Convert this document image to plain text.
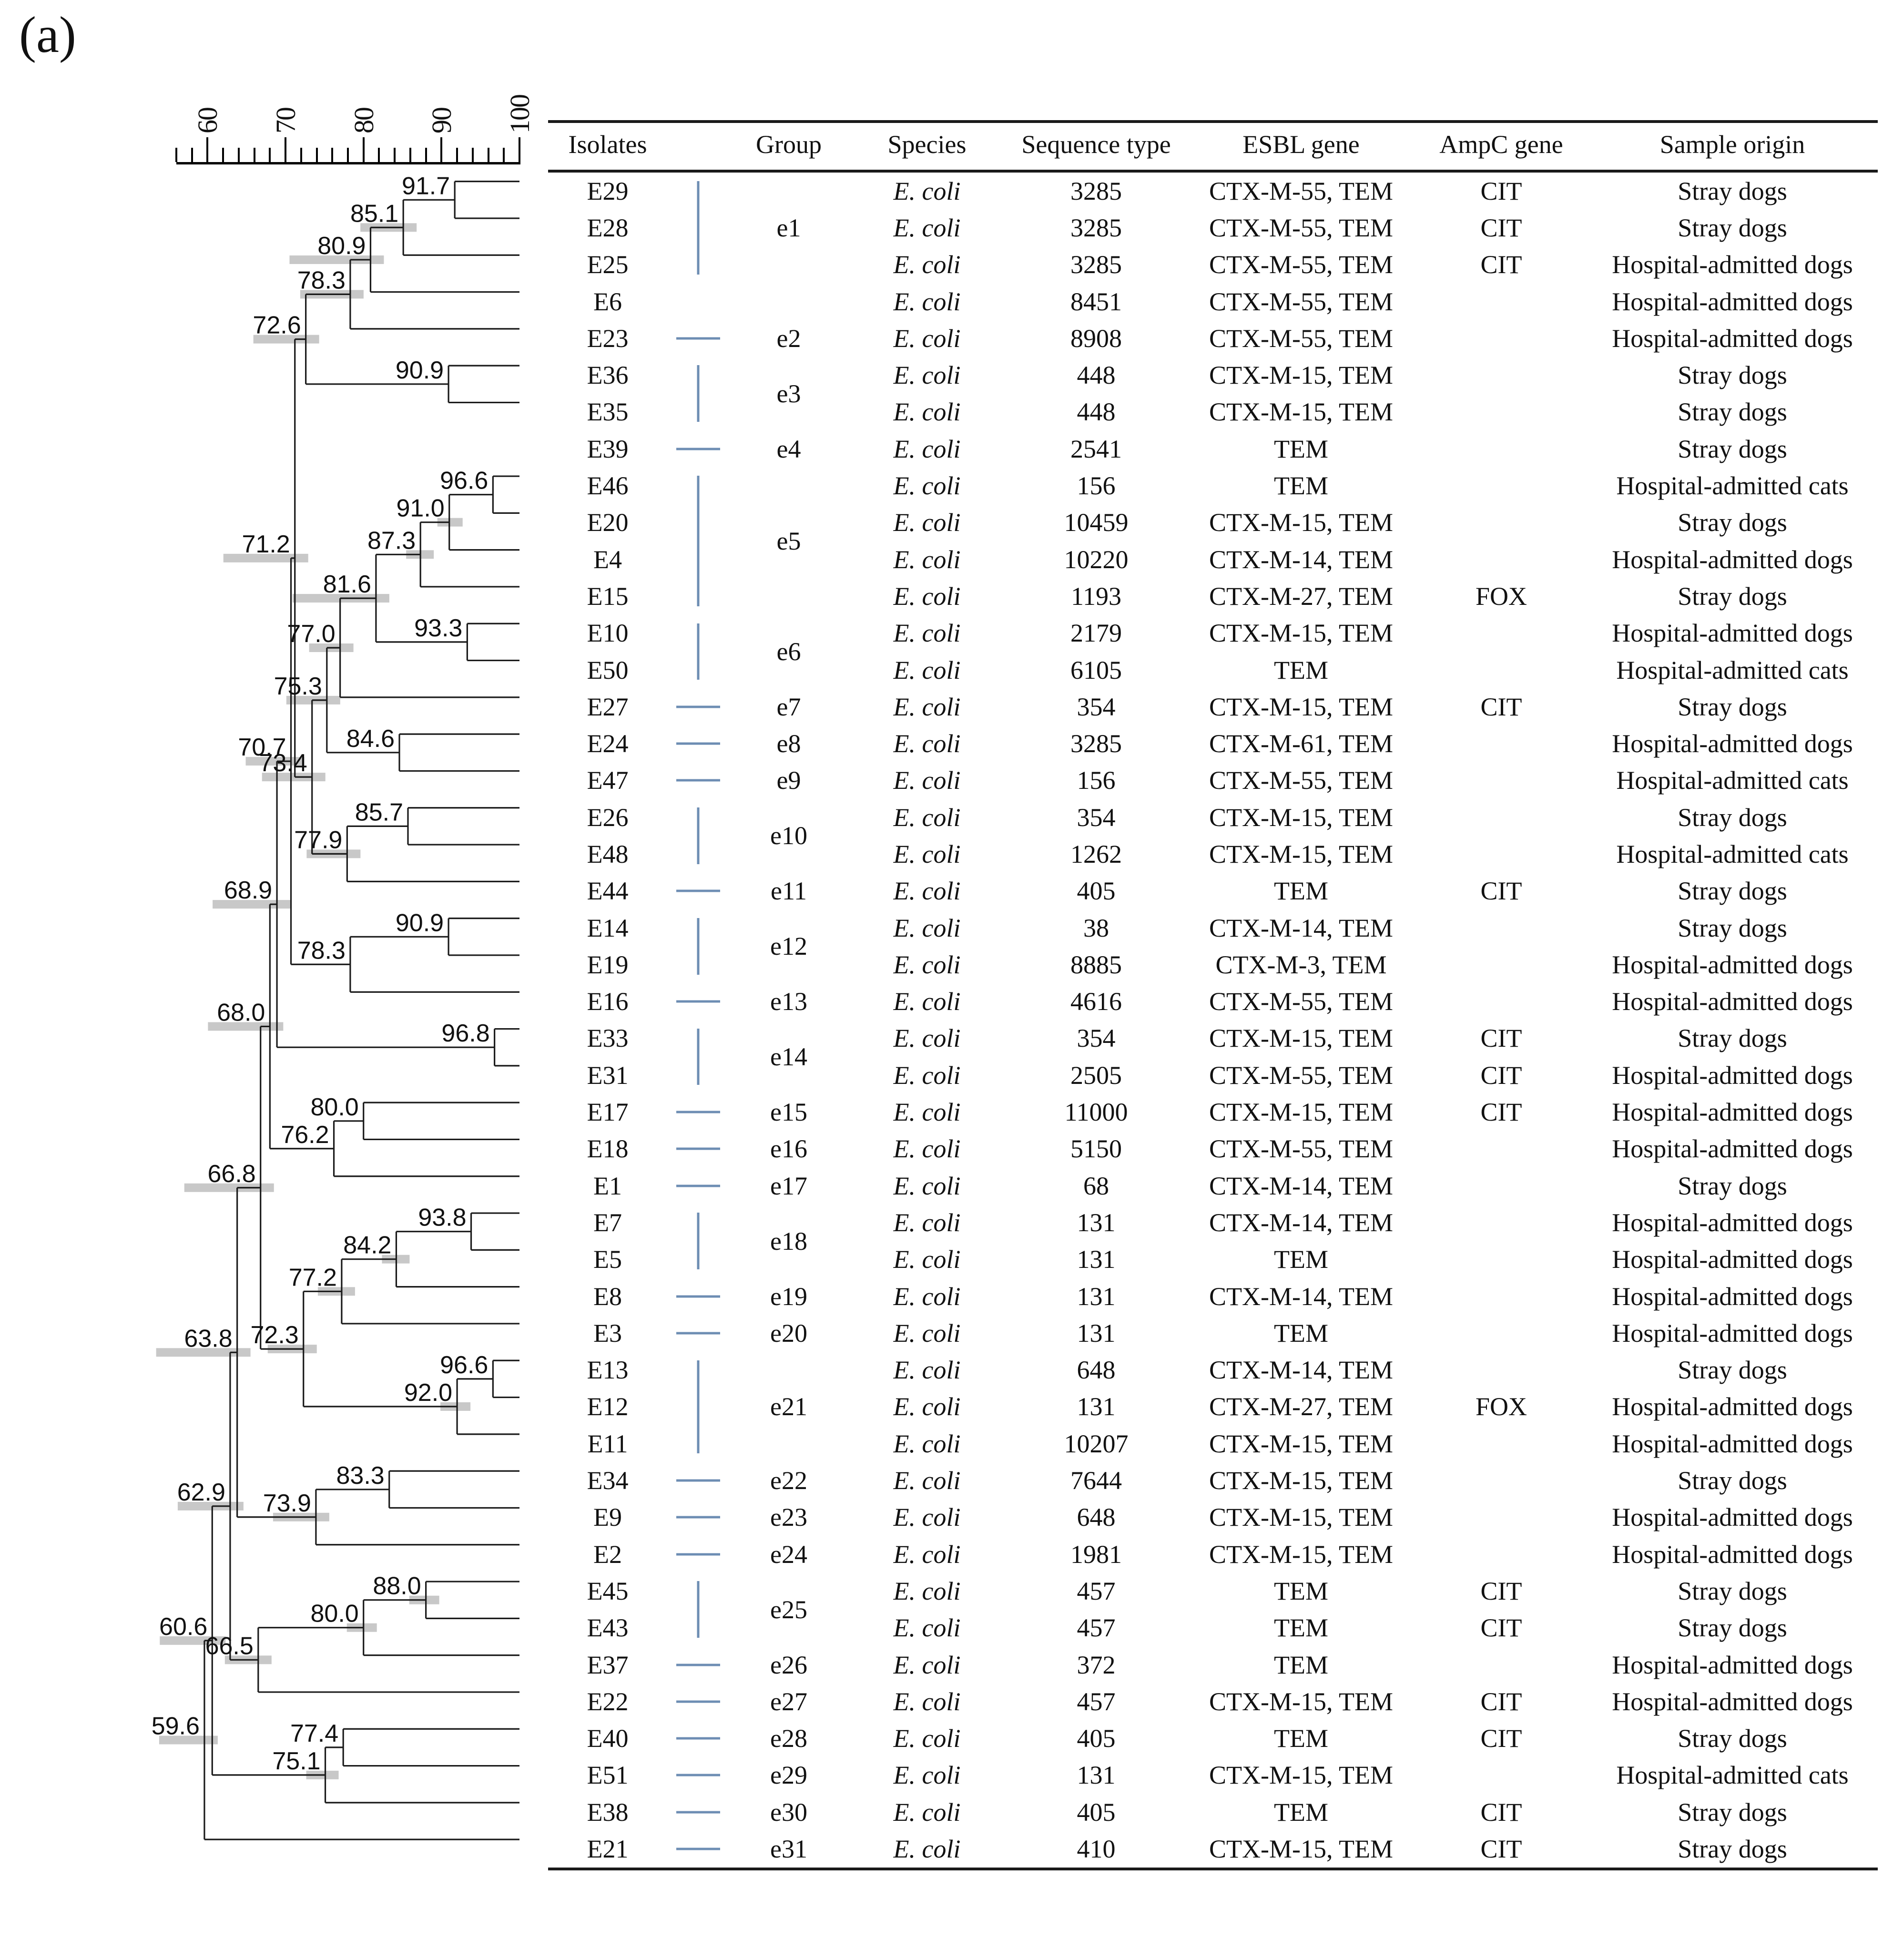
(a)
60 70 80 90 100
91.7
85.1
80.9
78.3
90.9
72.6
96.6
91.0
87.3
93.3
81.6
77.0
84.6
75.3
85.7
77.9
73.4
71.2
90.9
78.3
70.7
96.8
68.9
80.0
76.2
68.0
93.8
84.2
77.2
96.6
92.0
72.3
66.8
83.3
73.9
63.8
88.0
80.0
66.5
62.9
77.4
75.1
60.6
59.6
Isolates		Group	Species	Sequence type	ESBL gene	AmpC gene	Sample origin
E29		e1	E. coli	3285	CTX-M-55, TEM	CIT	Stray dogs
E28			E. coli	3285	CTX-M-55, TEM	CIT	Stray dogs
E25			E. coli	3285	CTX-M-55, TEM	CIT	Hospital-admitted dogs
E6			E. coli	8451	CTX-M-55, TEM		Hospital-admitted dogs
E23		e2	E. coli	8908	CTX-M-55, TEM		Hospital-admitted dogs
E36		e3	E. coli	448	CTX-M-15, TEM		Stray dogs
E35			E. coli	448	CTX-M-15, TEM		Stray dogs
E39		e4	E. coli	2541	TEM		Stray dogs
E46		e5	E. coli	156	TEM		Hospital-admitted cats
E20			E. coli	10459	CTX-M-15, TEM		Stray dogs
E4			E. coli	10220	CTX-M-14, TEM		Hospital-admitted dogs
E15			E. coli	1193	CTX-M-27, TEM	FOX	Stray dogs
E10		e6	E. coli	2179	CTX-M-15, TEM		Hospital-admitted dogs
E50			E. coli	6105	TEM		Hospital-admitted cats
E27		e7	E. coli	354	CTX-M-15, TEM	CIT	Stray dogs
E24		e8	E. coli	3285	CTX-M-61, TEM		Hospital-admitted dogs
E47		e9	E. coli	156	CTX-M-55, TEM		Hospital-admitted cats
E26		e10	E. coli	354	CTX-M-15, TEM		Stray dogs
E48			E. coli	1262	CTX-M-15, TEM		Hospital-admitted cats
E44		e11	E. coli	405	TEM	CIT	Stray dogs
E14		e12	E. coli	38	CTX-M-14, TEM		Stray dogs
E19			E. coli	8885	CTX-M-3, TEM		Hospital-admitted dogs
E16		e13	E. coli	4616	CTX-M-55, TEM		Hospital-admitted dogs
E33		e14	E. coli	354	CTX-M-15, TEM	CIT	Stray dogs
E31			E. coli	2505	CTX-M-55, TEM	CIT	Hospital-admitted dogs
E17		e15	E. coli	11000	CTX-M-15, TEM	CIT	Hospital-admitted dogs
E18		e16	E. coli	5150	CTX-M-55, TEM		Hospital-admitted dogs
E1		e17	E. coli	68	CTX-M-14, TEM		Stray dogs
E7		e18	E. coli	131	CTX-M-14, TEM		Hospital-admitted dogs
E5			E. coli	131	TEM		Hospital-admitted dogs
E8		e19	E. coli	131	CTX-M-14, TEM		Hospital-admitted dogs
E3		e20	E. coli	131	TEM		Hospital-admitted dogs
E13		e21	E. coli	648	CTX-M-14, TEM		Stray dogs
E12			E. coli	131	CTX-M-27, TEM	FOX	Hospital-admitted dogs
E11			E. coli	10207	CTX-M-15, TEM		Hospital-admitted dogs
E34		e22	E. coli	7644	CTX-M-15, TEM		Stray dogs
E9		e23	E. coli	648	CTX-M-15, TEM		Hospital-admitted dogs
E2		e24	E. coli	1981	CTX-M-15, TEM		Hospital-admitted dogs
E45		e25	E. coli	457	TEM	CIT	Stray dogs
E43			E. coli	457	TEM	CIT	Stray dogs
E37		e26	E. coli	372	TEM		Hospital-admitted dogs
E22		e27	E. coli	457	CTX-M-15, TEM	CIT	Hospital-admitted dogs
E40		e28	E. coli	405	TEM	CIT	Stray dogs
E51		e29	E. coli	131	CTX-M-15, TEM		Hospital-admitted cats
E38		e30	E. coli	405	TEM	CIT	Stray dogs
E21		e31	E. coli	410	CTX-M-15, TEM	CIT	Stray dogs
